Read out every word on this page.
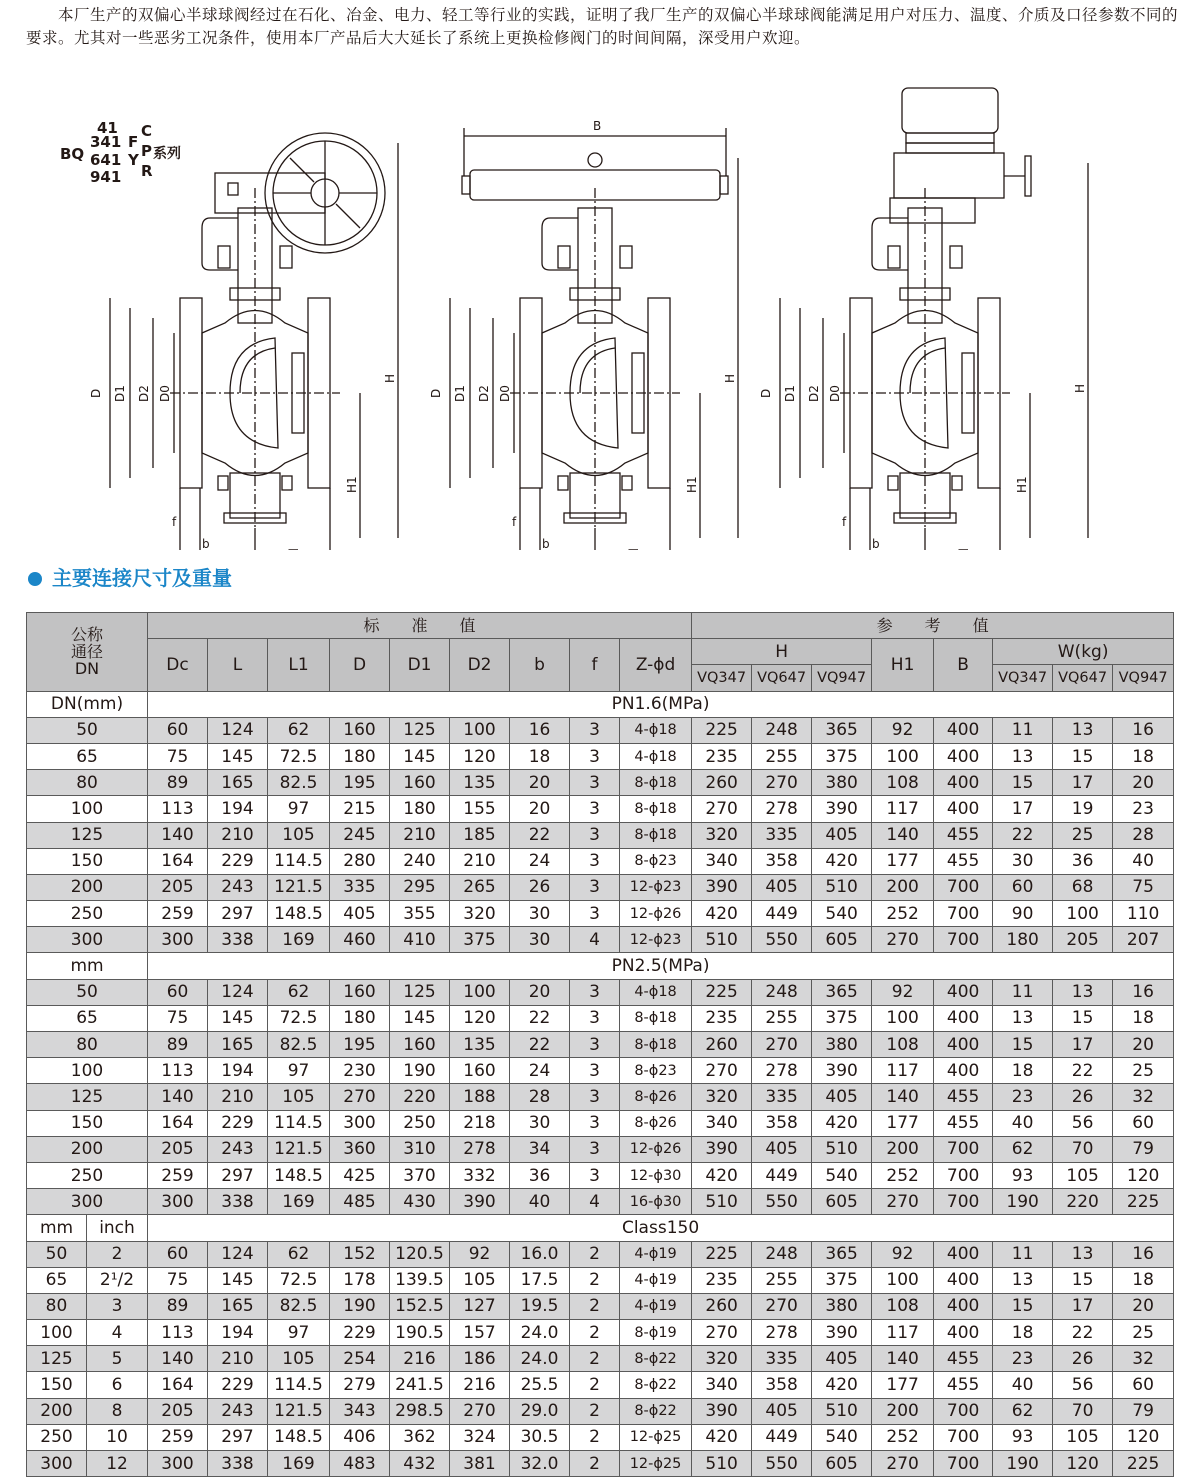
本厂生产的双偏心半球球阀经过在石化、冶金、电力、轻工等行业的实践，证明了我厂生产的双偏心半球球阀能满足用户对压力、温度、介质及口径参数不同的要求。尤其对一些恶劣工况条件，使用本厂产品后大大延长了系统上更换检修阀门的时间间隔，深受用户欢迎。

BQ
41
341
641
941
F
Y
C
P
R
系列
D D1 D2 D0
H1
H
f
b
B
D D1 D2 D0
H1
H
f
b
D D1 D2 D0
H1
H
f
b
主要连接尺寸及重量
公称
通径
DN		标　　准　　值									参　　考　　值							
		Dc	L	L1	D	D1	D2	b	f	Z-ϕd	H			H1	B	W(kg)		
											VQ347	VQ647	VQ947			VQ347	VQ647	VQ947
DN(mm)		PN1.6(MPa)																
50		60	124	62	160	125	100	16	3	4-ϕ18	225	248	365	92	400	11	13	16
65		75	145	72.5	180	145	120	18	3	4-ϕ18	235	255	375	100	400	13	15	18
80		89	165	82.5	195	160	135	20	3	8-ϕ18	260	270	380	108	400	15	17	20
100		113	194	97	215	180	155	20	3	8-ϕ18	270	278	390	117	400	17	19	23
125		140	210	105	245	210	185	22	3	8-ϕ18	320	335	405	140	455	22	25	28
150		164	229	114.5	280	240	210	24	3	8-ϕ23	340	358	420	177	455	30	36	40
200		205	243	121.5	335	295	265	26	3	12-ϕ23	390	405	510	200	700	60	68	75
250		259	297	148.5	405	355	320	30	3	12-ϕ26	420	449	540	252	700	90	100	110
300		300	338	169	460	410	375	30	4	12-ϕ23	510	550	605	270	700	180	205	207
mm		PN2.5(MPa)																
50		60	124	62	160	125	100	20	3	4-ϕ18	225	248	365	92	400	11	13	16
65		75	145	72.5	180	145	120	22	3	8-ϕ18	235	255	375	100	400	13	15	18
80		89	165	82.5	195	160	135	22	3	8-ϕ18	260	270	380	108	400	15	17	20
100		113	194	97	230	190	160	24	3	8-ϕ23	270	278	390	117	400	18	22	25
125		140	210	105	270	220	188	28	3	8-ϕ26	320	335	405	140	455	23	26	32
150		164	229	114.5	300	250	218	30	3	8-ϕ26	340	358	420	177	455	40	56	60
200		205	243	121.5	360	310	278	34	3	12-ϕ26	390	405	510	200	700	62	70	79
250		259	297	148.5	425	370	332	36	3	12-ϕ30	420	449	540	252	700	93	105	120
300		300	338	169	485	430	390	40	4	16-ϕ30	510	550	605	270	700	190	220	225
mm	inch	Class150																
50	2	60	124	62	152	120.5	92	16.0	2	4-ϕ19	225	248	365	92	400	11	13	16
65	2¹/2	75	145	72.5	178	139.5	105	17.5	2	4-ϕ19	235	255	375	100	400	13	15	18
80	3	89	165	82.5	190	152.5	127	19.5	2	4-ϕ19	260	270	380	108	400	15	17	20
100	4	113	194	97	229	190.5	157	24.0	2	8-ϕ19	270	278	390	117	400	18	22	25
125	5	140	210	105	254	216	186	24.0	2	8-ϕ22	320	335	405	140	455	23	26	32
150	6	164	229	114.5	279	241.5	216	25.5	2	8-ϕ22	340	358	420	177	455	40	56	60
200	8	205	243	121.5	343	298.5	270	29.0	2	8-ϕ22	390	405	510	200	700	62	70	79
250	10	259	297	148.5	406	362	324	30.5	2	12-ϕ25	420	449	540	252	700	93	105	120
300	12	300	338	169	483	432	381	32.0	2	12-ϕ25	510	550	605	270	700	190	120	225
